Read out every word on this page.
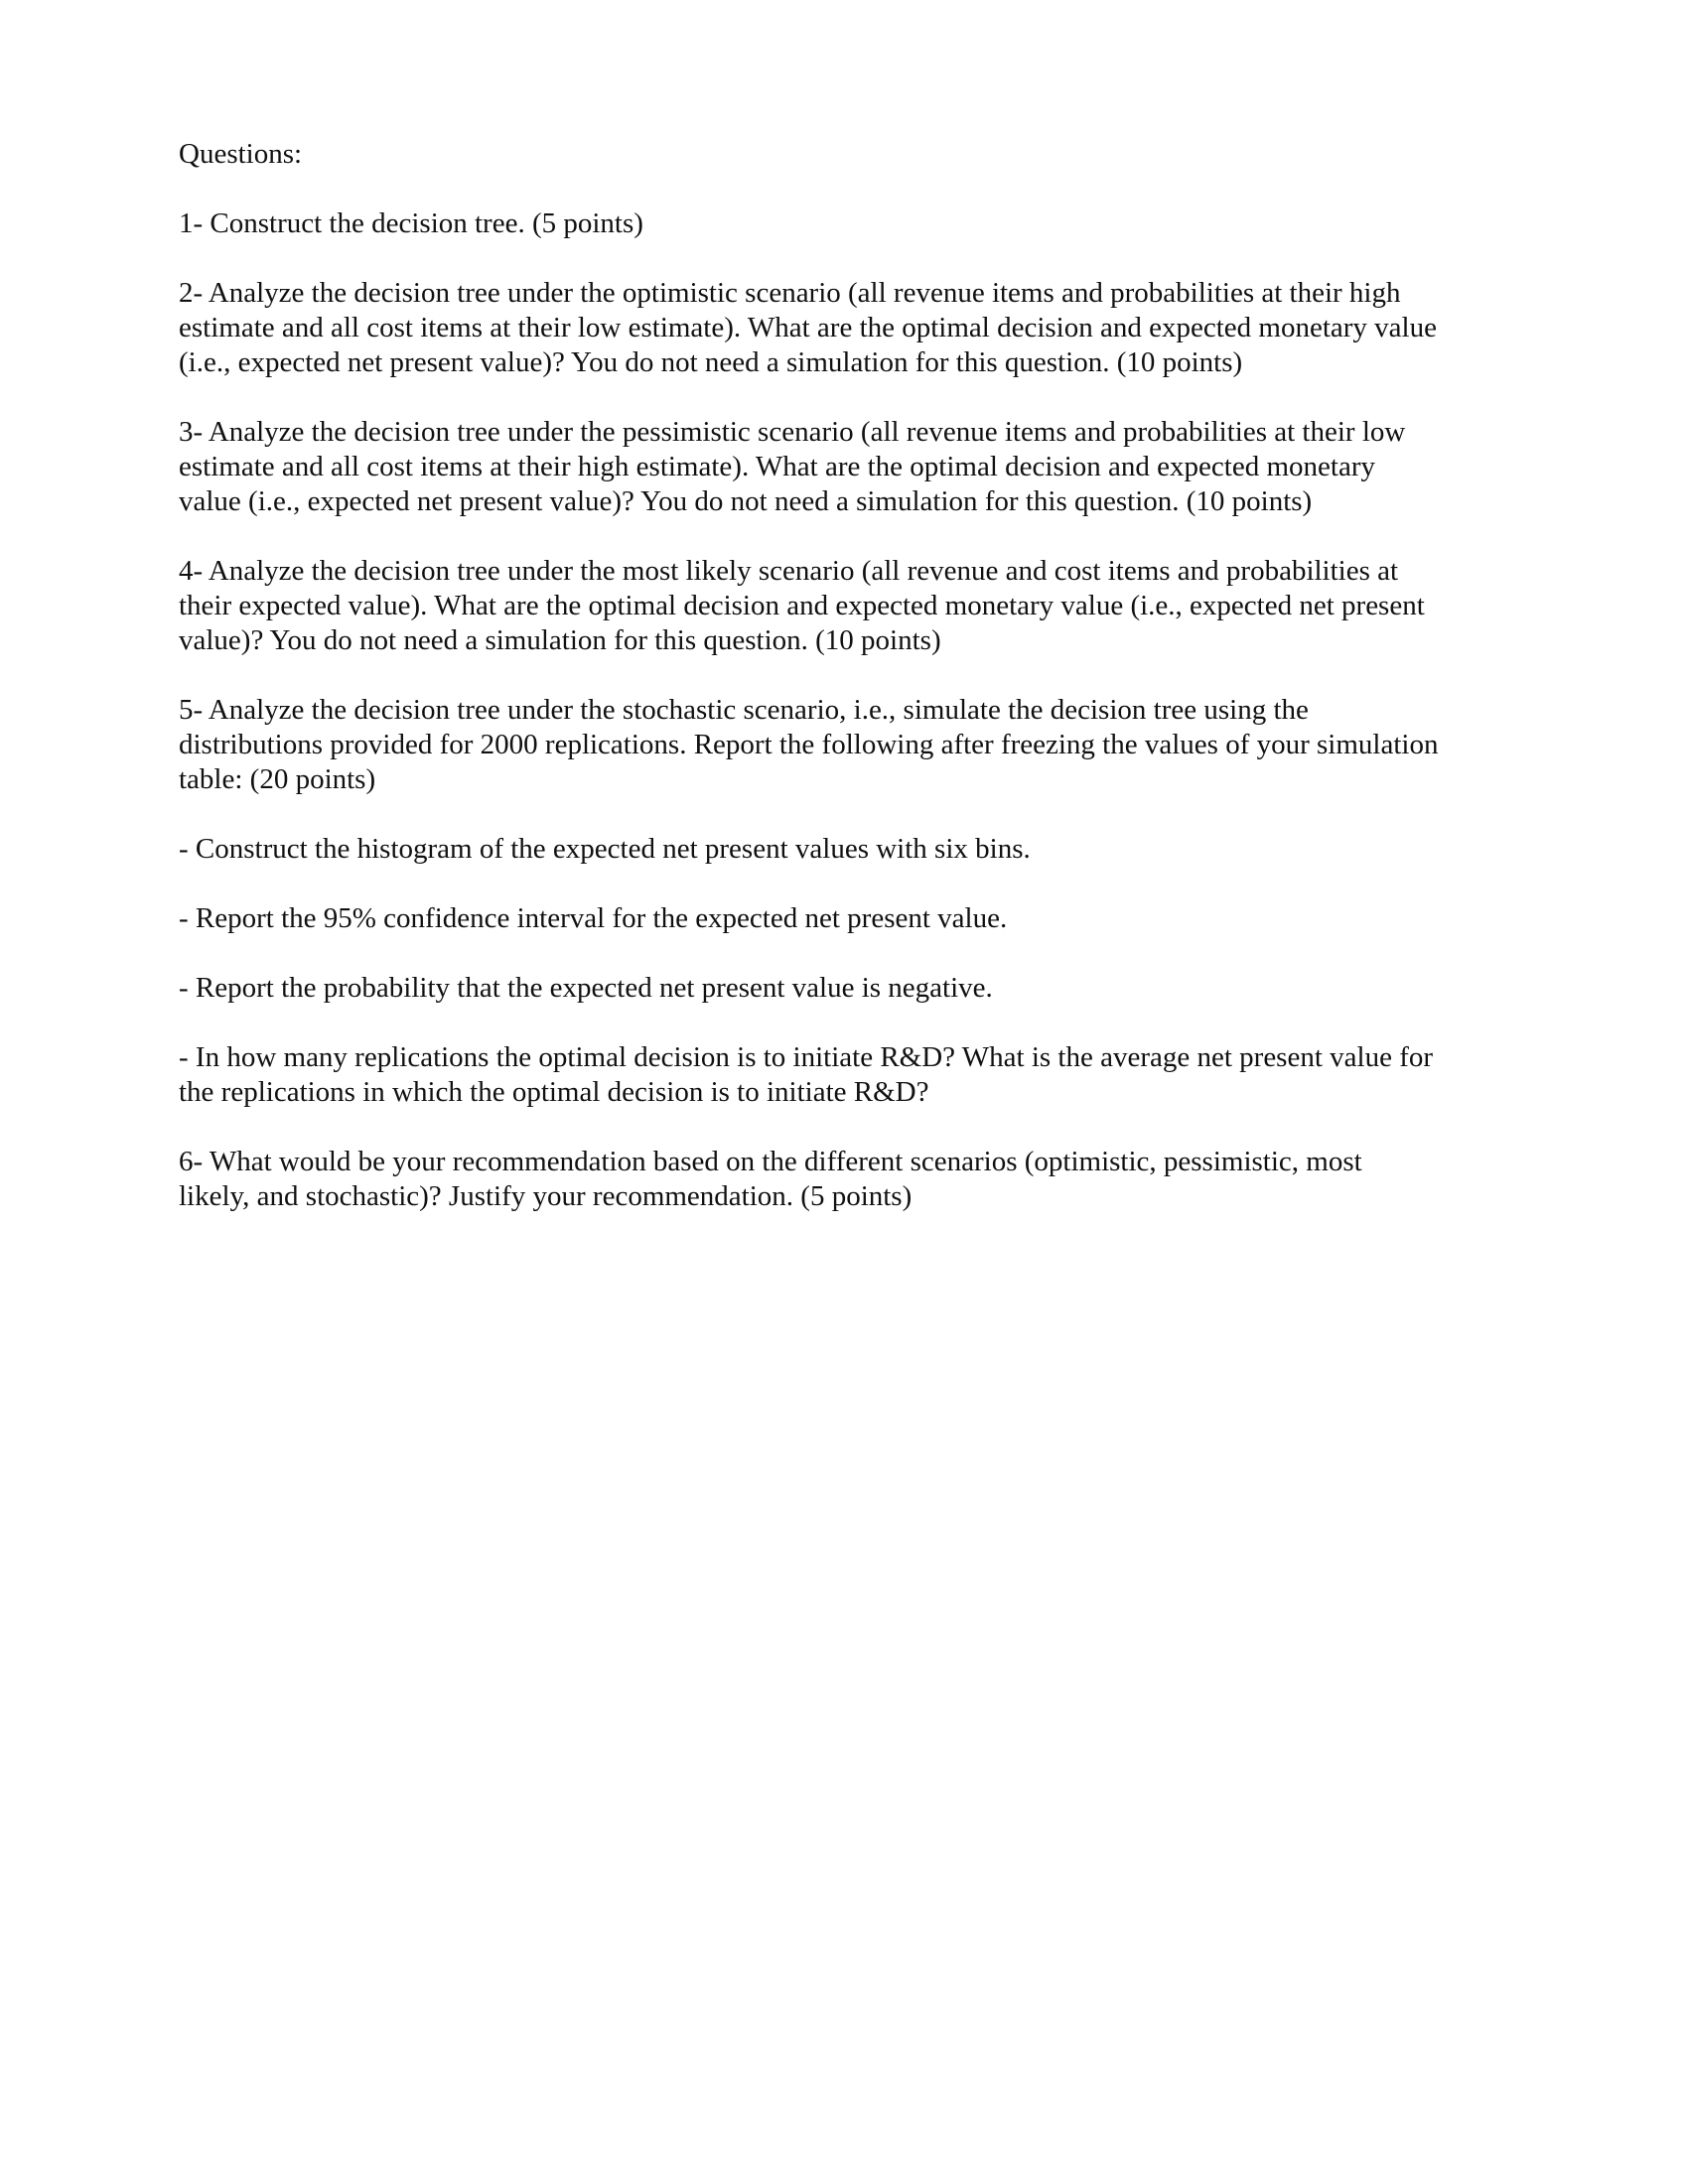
Questions:

1- Construct the decision tree. (5 points)

2- Analyze the decision tree under the optimistic scenario (all revenue items and probabilities at their high
estimate and all cost items at their low estimate). What are the optimal decision and expected monetary value
(i.e., expected net present value)? You do not need a simulation for this question. (10 points)

3- Analyze the decision tree under the pessimistic scenario (all revenue items and probabilities at their low
estimate and all cost items at their high estimate). What are the optimal decision and expected monetary
value (i.e., expected net present value)? You do not need a simulation for this question. (10 points)

4- Analyze the decision tree under the most likely scenario (all revenue and cost items and probabilities at
their expected value). What are the optimal decision and expected monetary value (i.e., expected net present
value)? You do not need a simulation for this question. (10 points)

5- Analyze the decision tree under the stochastic scenario, i.e., simulate the decision tree using the
distributions provided for 2000 replications. Report the following after freezing the values of your simulation
table: (20 points)

- Construct the histogram of the expected net present values with six bins.

- Report the 95% confidence interval for the expected net present value.

- Report the probability that the expected net present value is negative.

- In how many replications the optimal decision is to initiate R&D? What is the average net present value for
the replications in which the optimal decision is to initiate R&D?

6- What would be your recommendation based on the different scenarios (optimistic, pessimistic, most
likely, and stochastic)? Justify your recommendation. (5 points)
